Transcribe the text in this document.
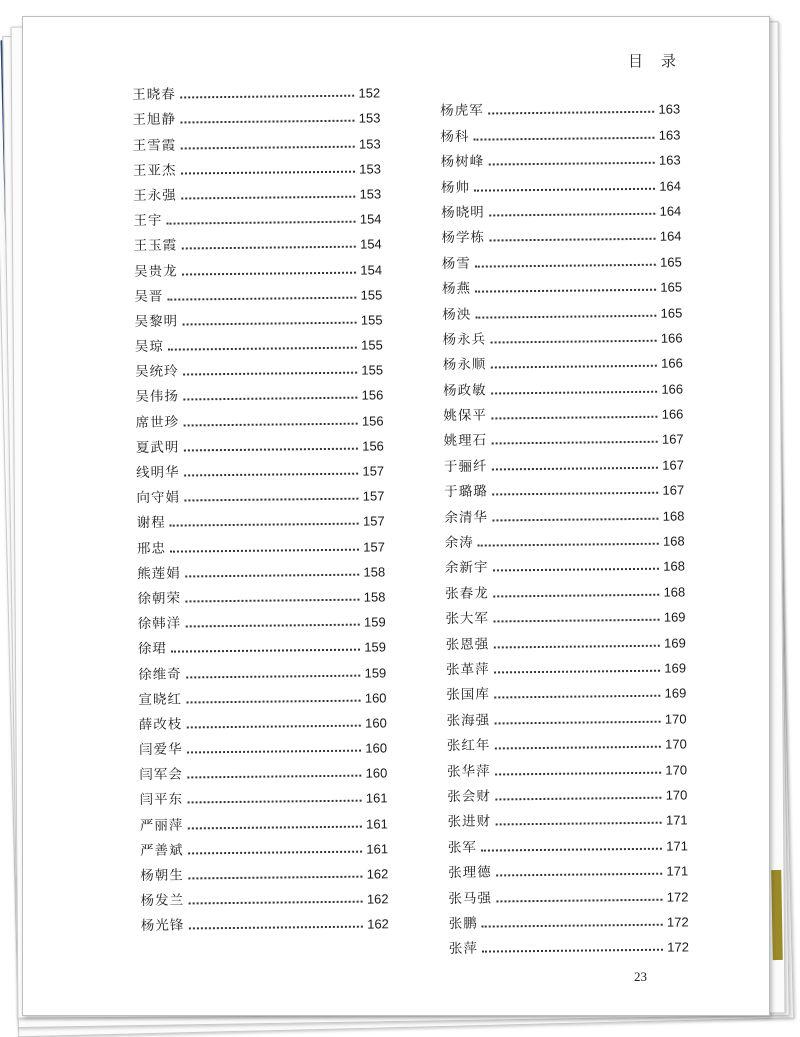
目录
王晓春	152
王旭静	153
王雪霞	153
王亚杰	153
王永强	153
王宇	154
王玉霞	154
吴贵龙	154
吴晋	155
吴黎明	155
吴琼	155
吴统玲	155
吴伟扬	156
席世珍	156
夏武明	156
线明华	157
向守娟	157
谢程	157
邢忠	157
熊莲娟	158
徐朝荣	158
徐韩洋	159
徐珺	159
徐维奇	159
宣晓红	160
薛改枝	160
闫爱华	160
闫军会	160
闫平东	161
严丽萍	161
严善斌	161
杨朝生	162
杨发兰	162
杨光锋	162
杨虎军	163
杨科	163
杨树峰	163
杨帅	164
杨晓明	164
杨学栋	164
杨雪	165
杨燕	165
杨泱	165
杨永兵	166
杨永顺	166
杨政敏	166
姚保平	166
姚理石	167
于骊纤	167
于璐璐	167
余清华	168
余涛	168
余新宇	168
张春龙	168
张大军	169
张恩强	169
张革萍	169
张国库	169
张海强	170
张红年	170
张华萍	170
张会财	170
张进财	171
张军	171
张理德	171
张马强	172
张鹏	172
张萍	172
23
